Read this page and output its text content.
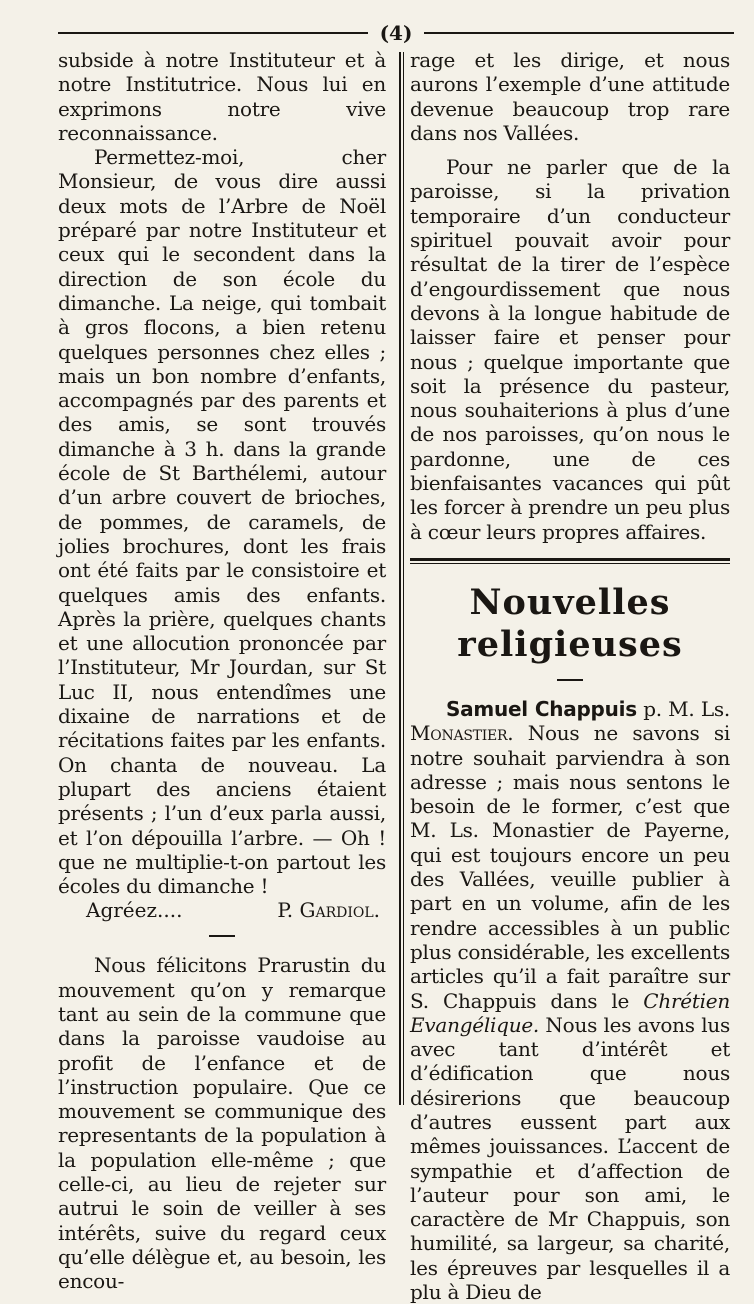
(4)

subside à notre Instituteur et à notre Institutrice. Nous lui en exprimons notre vive reconnaissance.

Permettez-moi, cher Monsieur, de vous dire aussi deux mots de l’Arbre de Noël préparé par notre Instituteur et ceux qui le secondent dans la direction de son école du dimanche. La neige, qui tombait à gros flocons, a bien retenu quelques personnes chez elles ; mais un bon nombre d’enfants, accompagnés par des parents et des amis, se sont trouvés dimanche à 3 h. dans la grande école de St Barthélemi, autour d’un arbre couvert de brioches, de pommes, de caramels, de jolies brochures, dont les frais ont été faits par le consistoire et quelques amis des enfants. Après la prière, quelques chants et une allocution prononcée par l’Instituteur, Mr Jourdan, sur St Luc II, nous entendîmes une dixaine de narrations et de récitations faites par les enfants. On chanta de nouveau. La plupart des anciens étaient présents ; l’un d’eux parla aussi, et l’on dépouilla l’arbre. — Oh ! que ne multiplie-t-on partout les écoles du dimanche !

Agréez....	P. Gardiol.

Nous félicitons Prarustin du mouvement qu’on y remarque tant au sein de la commune que dans la paroisse vaudoise au profit de l’enfance et de l’instruction populaire. Que ce mouvement se communique des representants de la population à la population elle-même ; que celle-ci, au lieu de rejeter sur autrui le soin de veiller à ses intérêts, suive du regard ceux qu’elle délègue et, au besoin, les encou-

rage et les dirige, et nous aurons l’exemple d’une attitude devenue beaucoup trop rare dans nos Vallées.

Pour ne parler que de la paroisse, si la privation temporaire d’un conducteur spirituel pouvait avoir pour résultat de la tirer de l’espèce d’engourdissement que nous devons à la longue habitude de laisser faire et penser pour nous ; quelque importante que soit la présence du pasteur, nous souhaiterions à plus d’une de nos paroisses, qu’on nous le pardonne, une de ces bienfaisantes vacances qui pût les forcer à prendre un peu plus à cœur leurs propres affaires.

Nouvelles religieuses

Samuel Chappuis p. M. Ls. Monastier. Nous ne savons si notre souhait parviendra à son adresse ; mais nous sentons le besoin de le former, c’est que M. Ls. Monastier de Payerne, qui est toujours encore un peu des Vallées, veuille publier à part en un volume, afin de les rendre accessibles à un public plus considérable, les excellents articles qu’il a fait paraître sur S. Chappuis dans le Chrétien Evangélique. Nous les avons lus avec tant d’intérêt et d’édification que nous désirerions que beaucoup d’autres eussent part aux mêmes jouissances. L’accent de sympathie et d’affection de l’auteur pour son ami, le caractère de Mr Chappuis, son humilité, sa largeur, sa charité, les épreuves par lesquelles il a plu à Dieu de
